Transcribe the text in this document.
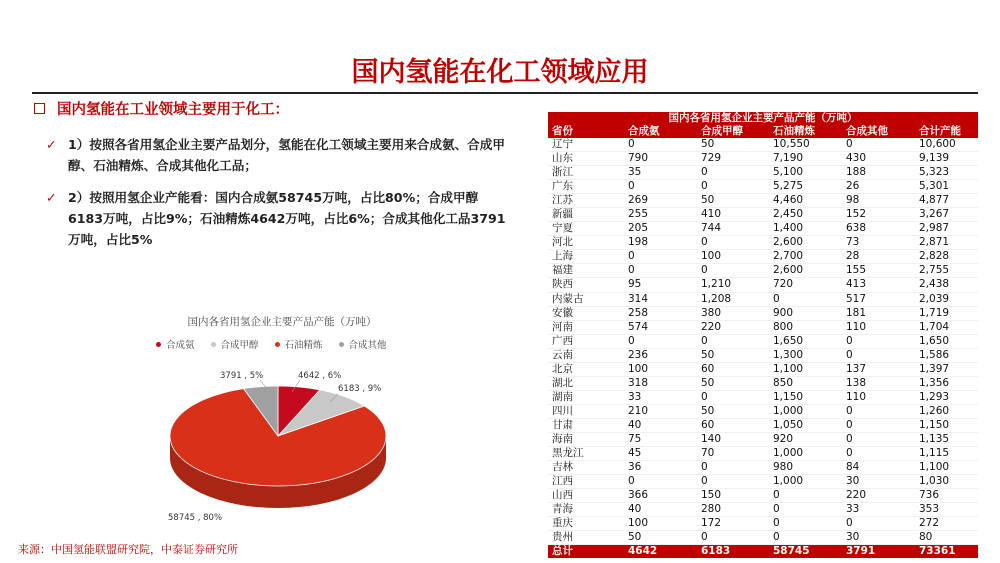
国内氢能在化工领域应用
国内氢能在工业领域主要用于化工：
✓ 1）按照各省用氢企业主要产品划分，氢能在化工领域主要用来合成氨、合成甲醇、石油精炼、合成其他化工品；
✓ 2）按照用氢企业产能看：国内合成氨58745万吨，占比80%；合成甲醇6183万吨，占比9%；石油精炼4642万吨，占比6%；合成其他化工品3791万吨，占比5%
国内各省用氢企业主要产品产能（万吨）
合成氨	合成甲醇	石油精炼	合成其他
4642 , 6%
6183 , 9%
58745 , 80%
3791 , 5%
国内各省用氢企业主要产品产能（万吨）
省份	合成氨	合成甲醇	石油精炼	合成其他	合计产能
辽宁	0	50	10,550	0	10,600
山东	790	729	7,190	430	9,139
浙江	35	0	5,100	188	5,323
广东	0	0	5,275	26	5,301
江苏	269	50	4,460	98	4,877
新疆	255	410	2,450	152	3,267
宁夏	205	744	1,400	638	2,987
河北	198	0	2,600	73	2,871
上海	0	100	2,700	28	2,828
福建	0	0	2,600	155	2,755
陕西	95	1,210	720	413	2,438
内蒙古	314	1,208	0	517	2,039
安徽	258	380	900	181	1,719
河南	574	220	800	110	1,704
广西	0	0	1,650	0	1,650
云南	236	50	1,300	0	1,586
北京	100	60	1,100	137	1,397
湖北	318	50	850	138	1,356
湖南	33	0	1,150	110	1,293
四川	210	50	1,000	0	1,260
甘肃	40	60	1,050	0	1,150
海南	75	140	920	0	1,135
黑龙江	45	70	1,000	0	1,115
吉林	36	0	980	84	1,100
江西	0	0	1,000	30	1,030
山西	366	150	0	220	736
青海	40	280	0	33	353
重庆	100	172	0	0	272
贵州	50	0	0	30	80
总计	4642	6183	58745	3791	73361
来源：中国氢能联盟研究院，中泰证券研究所
